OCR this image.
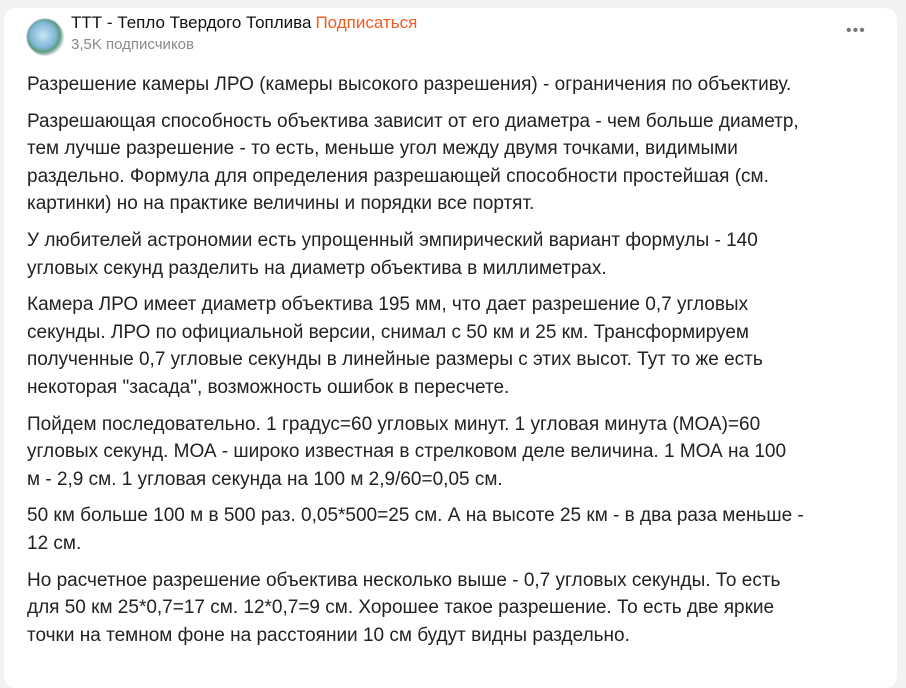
ТТТ - Тепло Твердого Топлива Подписаться
3,5K подписчиков
•••

Разрешение камеры ЛРО (камеры высокого разрешения) - ограничения по объективу.

Разрешающая способность объектива зависит от его диаметра - чем больше диаметр,
тем лучше разрешение - то есть, меньше угол между двумя точками, видимыми
раздельно. Формула для определения разрешающей способности простейшая (см.
картинки) но на практике величины и порядки все портят.

У любителей астрономии есть упрощенный эмпирический вариант формулы - 140
угловых секунд разделить на диаметр объектива в миллиметрах.

Камера ЛРО имеет диаметр объектива 195 мм, что дает разрешение 0,7 угловых
секунды. ЛРО по официальной версии, снимал с 50 км и 25 км. Трансформируем
полученные 0,7 угловые секунды в линейные размеры с этих высот. Тут то же есть
некоторая "засада", возможность ошибок в пересчете.

Пойдем последовательно. 1 градус=60 угловых минут. 1 угловая минута (МОА)=60
угловых секунд. МОА - широко известная в стрелковом деле величина. 1 МОА на 100
м - 2,9 см. 1 угловая секунда на 100 м 2,9/60=0,05 см.

50 км больше 100 м в 500 раз. 0,05*500=25 см. А на высоте 25 км - в два раза меньше -
12 см.

Но расчетное разрешение объектива несколько выше - 0,7 угловых секунды. То есть
для 50 км 25*0,7=17 см. 12*0,7=9 см. Хорошее такое разрешение. То есть две яркие
точки на темном фоне на расстоянии 10 см будут видны раздельно.
